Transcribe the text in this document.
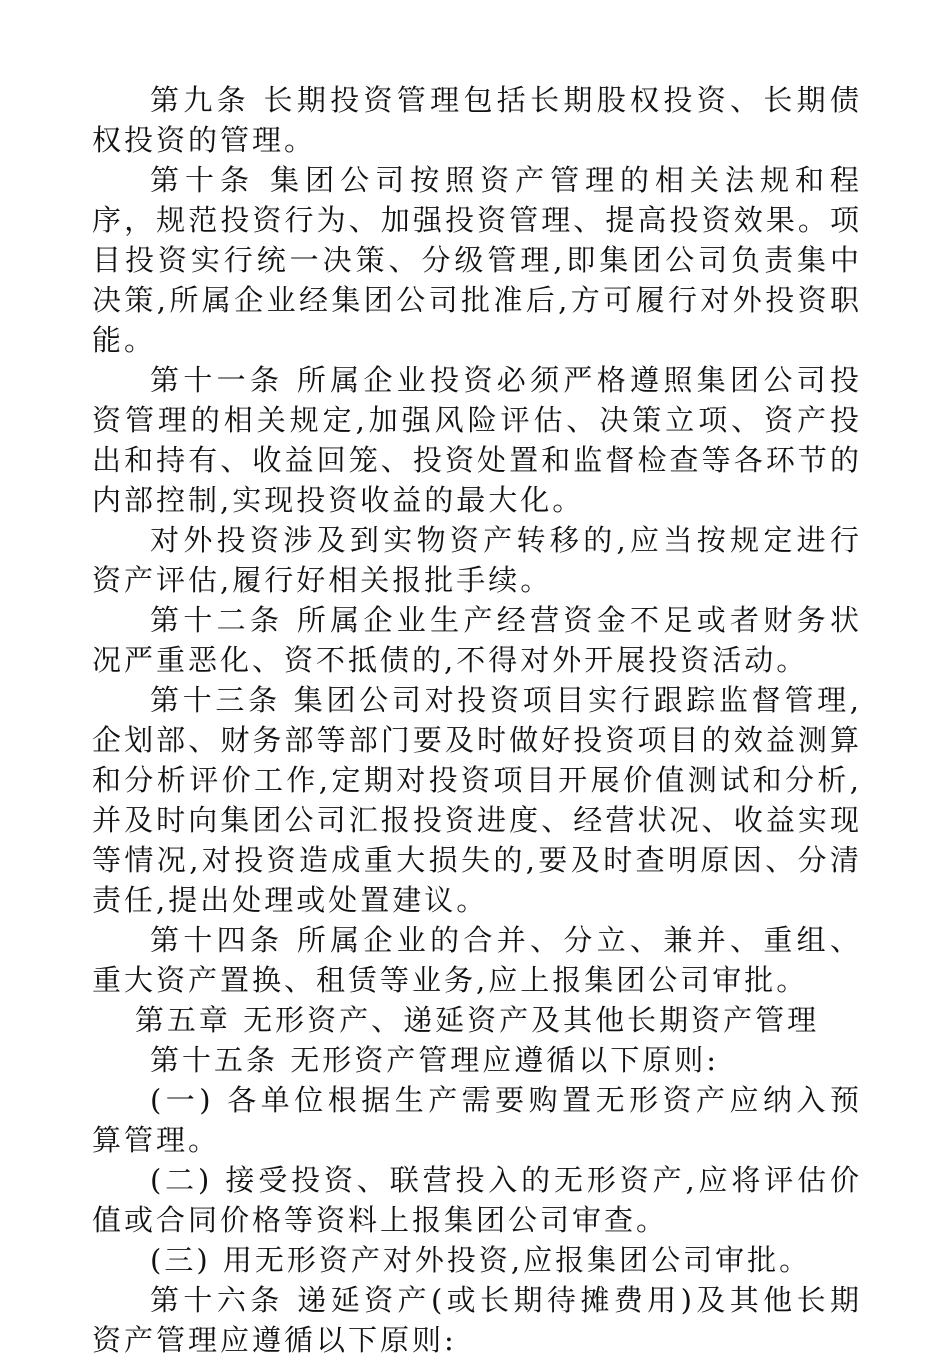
第九条 长期投资管理包括长期股权投资、长期债权投资的管理。

第十条 集团公司按照资产管理的相关法规和程序，规范投资行为、加强投资管理、提高投资效果。项目投资实行统一决策、分级管理,即集团公司负责集中决策,所属企业经集团公司批准后,方可履行对外投资职能。

第十一条 所属企业投资必须严格遵照集团公司投资管理的相关规定,加强风险评估、决策立项、资产投出和持有、收益回笼、投资处置和监督检查等各环节的内部控制,实现投资收益的最大化。

对外投资涉及到实物资产转移的,应当按规定进行资产评估,履行好相关报批手续。

第十二条 所属企业生产经营资金不足或者财务状况严重恶化、资不抵债的,不得对外开展投资活动。

第十三条 集团公司对投资项目实行跟踪监督管理,企划部、财务部等部门要及时做好投资项目的效益测算和分析评价工作,定期对投资项目开展价值测试和分析,并及时向集团公司汇报投资进度、经营状况、收益实现等情况,对投资造成重大损失的,要及时查明原因、分清责任,提出处理或处置建议。

第十四条 所属企业的合并、分立、兼并、重组、重大资产置换、租赁等业务,应上报集团公司审批。

第五章 无形资产、递延资产及其他长期资产管理

第十五条 无形资产管理应遵循以下原则:

(一) 各单位根据生产需要购置无形资产应纳入预算管理。

(二) 接受投资、联营投入的无形资产,应将评估价值或合同价格等资料上报集团公司审查。

(三) 用无形资产对外投资,应报集团公司审批。

第十六条 递延资产(或长期待摊费用)及其他长期资产管理应遵循以下原则:
